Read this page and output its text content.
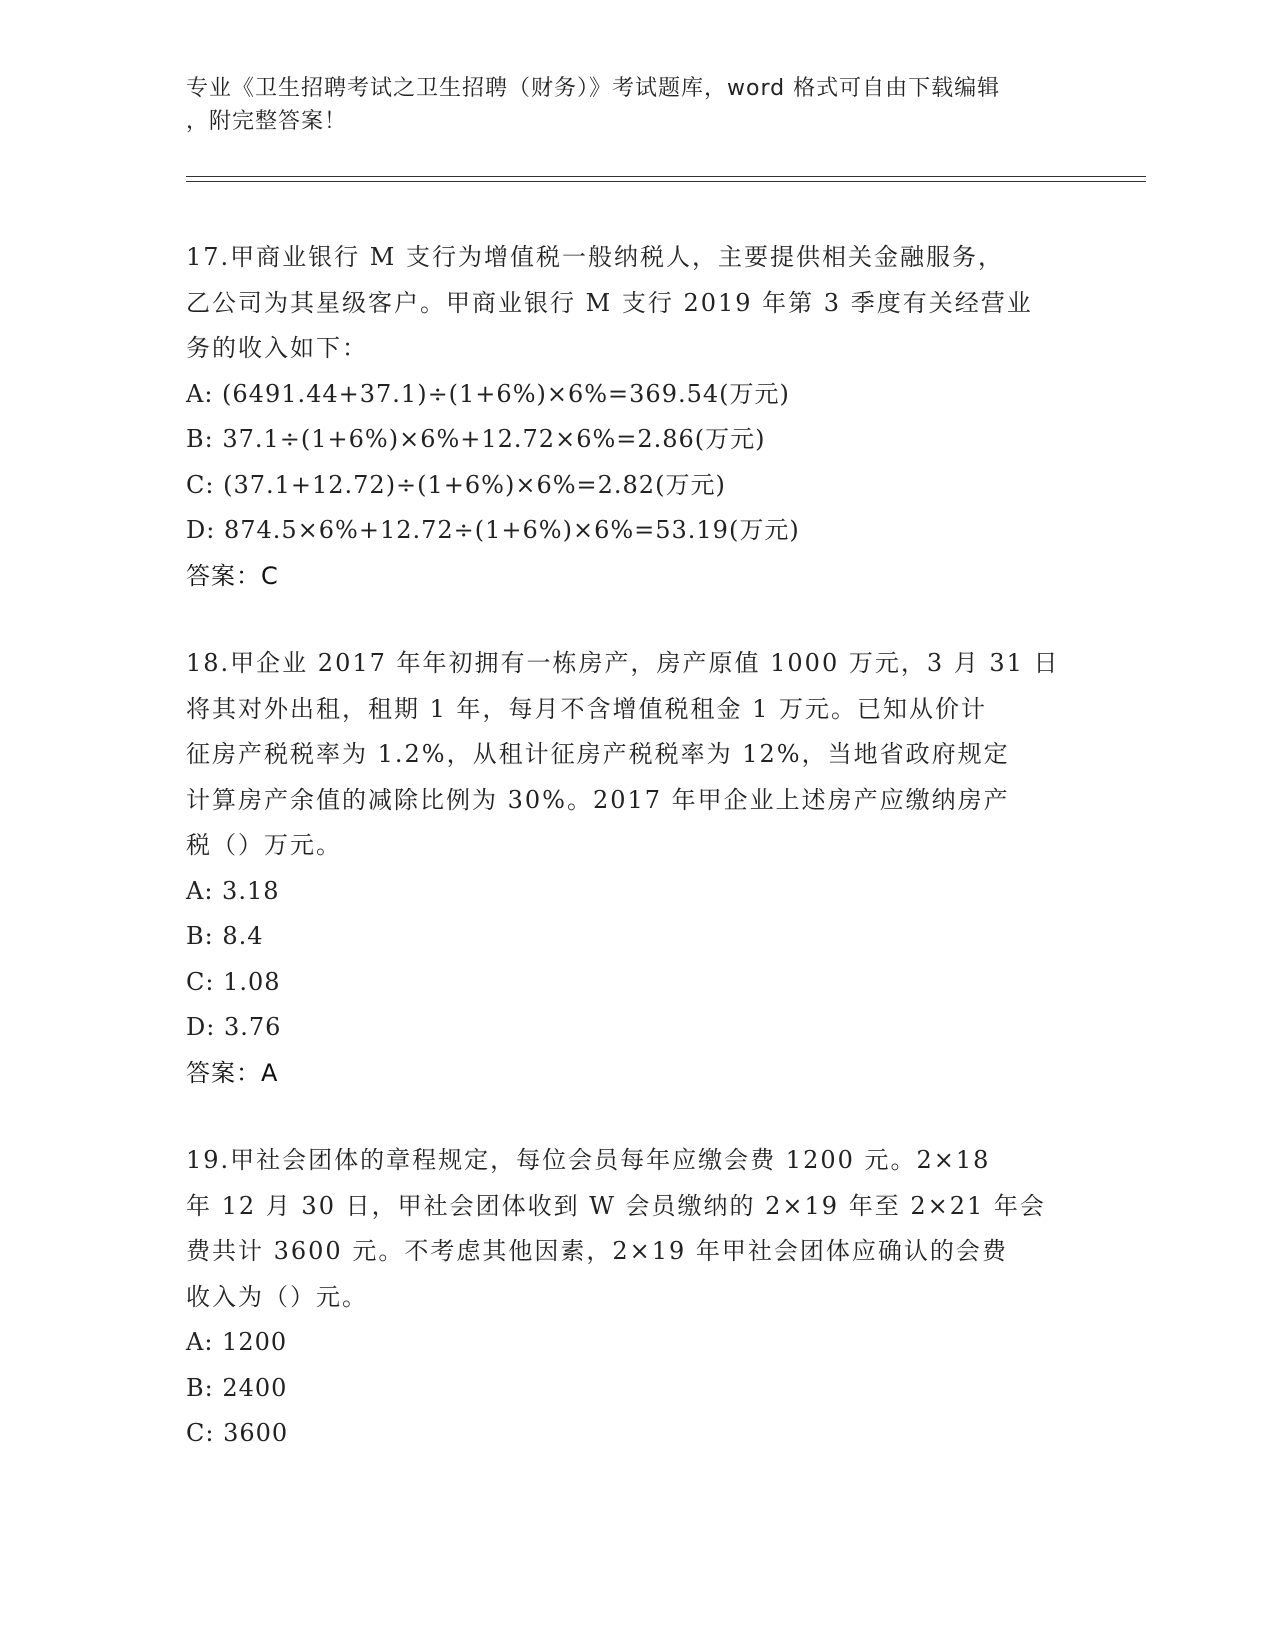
专业《卫生招聘考试之卫生招聘（财务）》考试题库，word 格式可自由下载编辑
，附完整答案！
17.甲商业银行 M 支行为增值税一般纳税人，主要提供相关金融服务，
乙公司为其星级客户。甲商业银行 M 支行 2019 年第 3 季度有关经营业
务的收入如下：
A: (6491.44+37.1)÷(1+6%)×6%=369.54(万元)
B: 37.1÷(1+6%)×6%+12.72×6%=2.86(万元)
C: (37.1+12.72)÷(1+6%)×6%=2.82(万元)
D: 874.5×6%+12.72÷(1+6%)×6%=53.19(万元)
答案：C
18.甲企业 2017 年年初拥有一栋房产，房产原值 1000 万元，3 月 31 日
将其对外出租，租期 1 年，每月不含增值税租金 1 万元。已知从价计
征房产税税率为 1.2%，从租计征房产税税率为 12%，当地省政府规定
计算房产余值的减除比例为 30%。2017 年甲企业上述房产应缴纳房产
税（）万元。
A: 3.18
B: 8.4
C: 1.08
D: 3.76
答案：A
19.甲社会团体的章程规定，每位会员每年应缴会费 1200 元。2×18
年 12 月 30 日，甲社会团体收到 W 会员缴纳的 2×19 年至 2×21 年会
费共计 3600 元。不考虑其他因素，2×19 年甲社会团体应确认的会费
收入为（）元。
A: 1200
B: 2400
C: 3600
